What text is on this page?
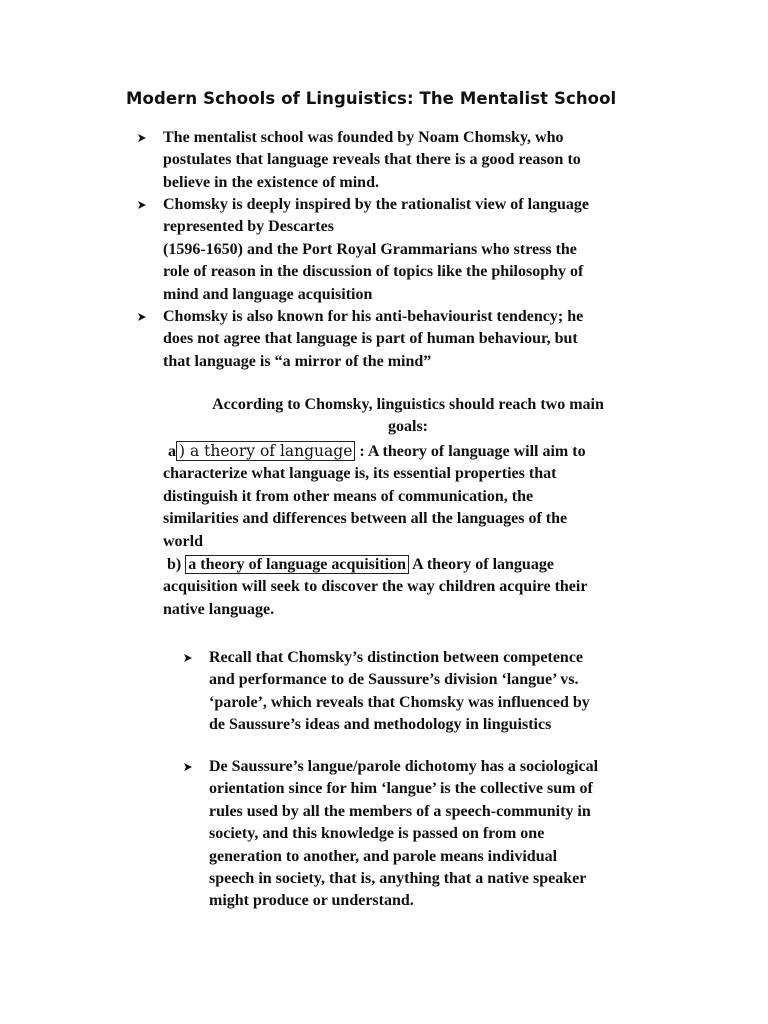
Modern Schools of Linguistics: The Mentalist School
The mentalist school was founded by Noam Chomsky, who
postulates that language reveals that there is a good reason to
believe in the existence of mind.
Chomsky is deeply inspired by the rationalist view of language
represented by Descartes
(1596-1650) and the Port Royal Grammarians who stress the
role of reason in the discussion of topics like the philosophy of
mind and language acquisition
Chomsky is also known for his anti-behaviourist tendency; he
does not agree that language is part of human behaviour, but
that language is “a mirror of the mind”
According to Chomsky, linguistics should reach two main
goals:
a ) a theory of language : A theory of language will aim to
characterize what language is, its essential properties that
distinguish it from other means of communication, the
similarities and differences between all the languages of the
world
b) a theory of language acquisition A theory of language
acquisition will seek to discover the way children acquire their
native language.
Recall that Chomsky’s distinction between competence
and performance to de Saussure’s division ‘langue’ vs.
‘parole’, which reveals that Chomsky was influenced by
de Saussure’s ideas and methodology in linguistics
De Saussure’s langue/parole dichotomy has a sociological
orientation since for him ‘langue’ is the collective sum of
rules used by all the members of a speech-community in
society, and this knowledge is passed on from one
generation to another, and parole means individual
speech in society, that is, anything that a native speaker
might produce or understand.
